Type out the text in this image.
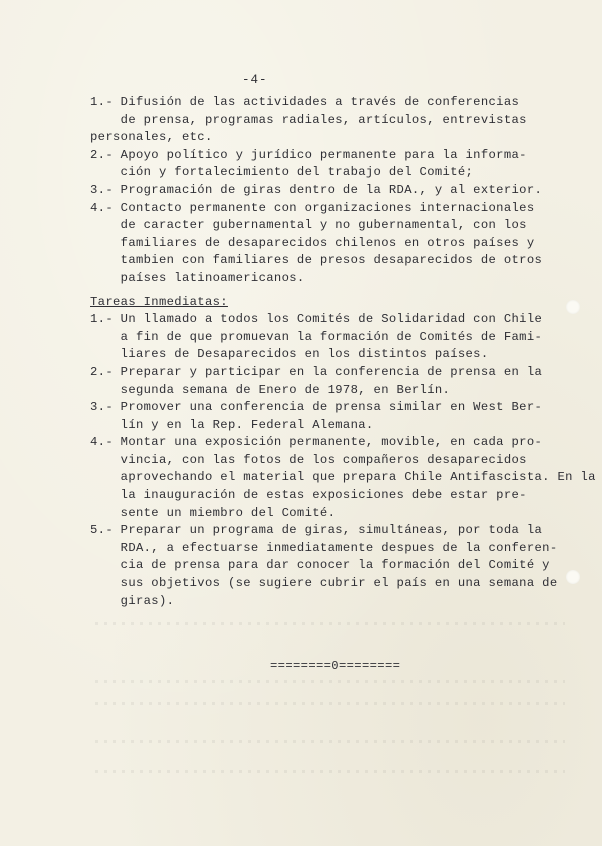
-4-
1.- Difusión de las actividades a través de conferencias
de prensa, programas radiales, artículos, entrevistas
personales, etc.
2.- Apoyo político y jurídico permanente para la informa-
ción y fortalecimiento del trabajo del Comité;
3.- Programación de giras dentro de la RDA., y al exterior.
4.- Contacto permanente con organizaciones internacionales
de caracter gubernamental y no gubernamental, con los
familiares de desaparecidos chilenos en otros países y
tambien con familiares de presos desaparecidos de otros
países latinoamericanos.
Tareas Inmediatas:
1.- Un llamado a todos los Comités de Solidaridad con Chile
a fin de que promuevan la formación de Comités de Fami-
liares de Desaparecidos en los distintos países.
2.- Preparar y participar en la conferencia de prensa en la
segunda semana de Enero de 1978, en Berlín.
3.- Promover una conferencia de prensa similar en West Ber-
lín y en la Rep. Federal Alemana.
4.- Montar una exposición permanente, movible, en cada pro-
vincia, con las fotos de los compañeros desaparecidos
aprovechando el material que prepara Chile Antifascista. En la
la inauguración de estas exposiciones debe estar pre-
sente un miembro del Comité.
5.- Preparar un programa de giras, simultáneas, por toda la
RDA., a efectuarse inmediatamente despues de la conferen-
cia de prensa para dar conocer la formación del Comité y
sus objetivos (se sugiere cubrir el país en una semana de
giras).
========0========
